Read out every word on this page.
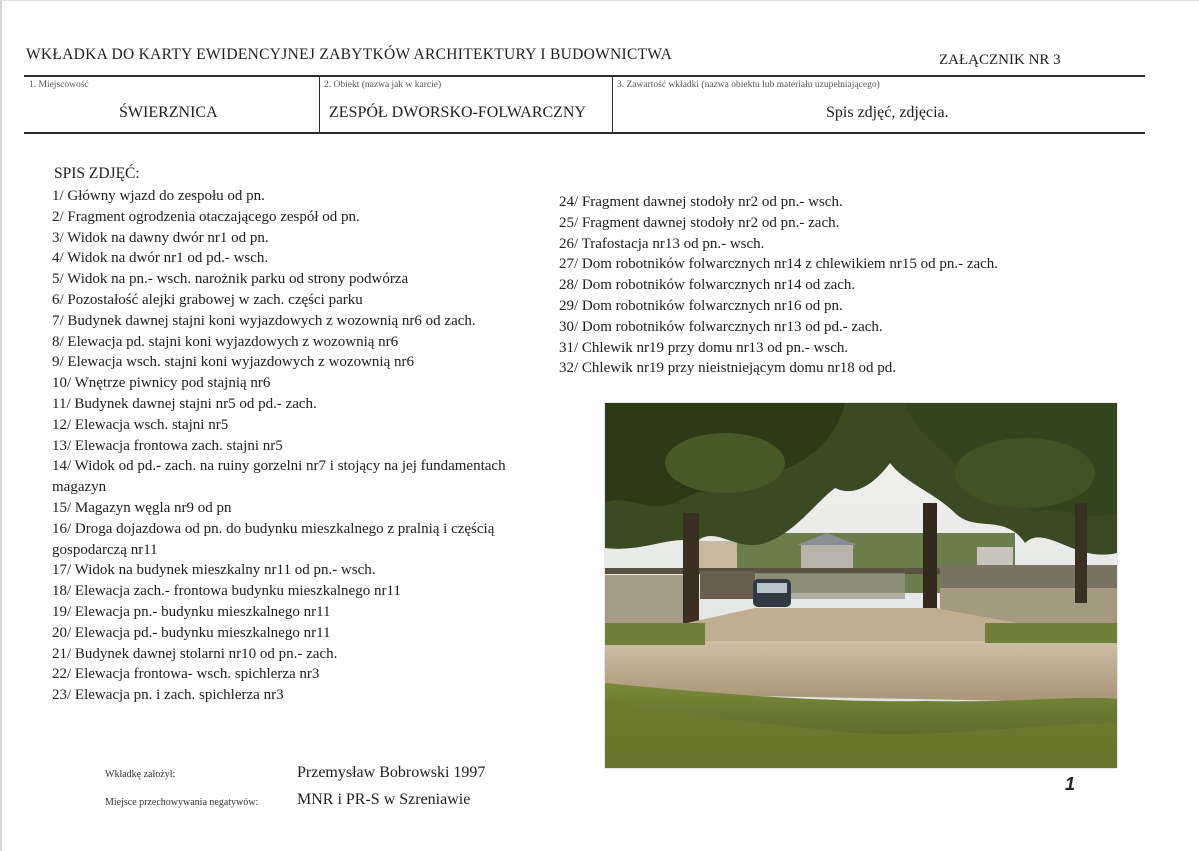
WKŁADKA DO KARTY EWIDENCYJNEJ ZABYTKÓW ARCHITEKTURY I BUDOWNICTWA	ZAŁĄCZNIK NR 3
1. Miejscowość
ŚWIERZNICA
2. Obiekt (nazwa jak w karcie)
ZESPÓŁ DWORSKO-FOLWARCZNY
3. Zawartość wkładki (nazwa obiektu lub materiału uzupełniającego)
Spis zdjęć, zdjęcia.
SPIS ZDJĘĆ:
1/ Główny wjazd do zespołu od pn.
2/ Fragment ogrodzenia otaczającego zespół od pn.
3/ Widok na dawny dwór nr1 od pn.
4/ Widok na dwór nr1 od pd.- wsch.
5/ Widok na pn.- wsch. narożnik parku od strony podwórza
6/ Pozostałość alejki grabowej w zach. części parku
7/ Budynek dawnej stajni koni wyjazdowych z wozownią nr6 od zach.
8/ Elewacja pd. stajni koni wyjazdowych z wozownią nr6
9/ Elewacja wsch. stajni koni wyjazdowych z wozownią nr6
10/ Wnętrze piwnicy pod stajnią nr6
11/ Budynek dawnej stajni nr5 od pd.- zach.
12/ Elewacja wsch. stajni nr5
13/ Elewacja frontowa zach. stajni nr5
14/ Widok od pd.- zach. na ruiny gorzelni nr7 i stojący na jej fundamentach magazyn
15/ Magazyn węgla nr9 od pn
16/ Droga dojazdowa od pn. do budynku mieszkalnego z pralnią i częścią gospodarczą nr11
17/ Widok na budynek mieszkalny nr11 od pn.- wsch.
18/ Elewacja zach.- frontowa budynku mieszkalnego nr11
19/ Elewacja pn.- budynku mieszkalnego nr11
20/ Elewacja pd.- budynku mieszkalnego nr11
21/ Budynek dawnej stolarni nr10 od pn.- zach.
22/ Elewacja frontowa- wsch. spichlerza nr3
23/ Elewacja pn. i zach. spichlerza nr3
24/ Fragment dawnej stodoły nr2 od pn.- wsch.
25/ Fragment dawnej stodoły nr2 od pn.- zach.
26/ Trafostacja nr13 od pn.- wsch.
27/ Dom robotników folwarcznych nr14 z chlewikiem nr15 od pn.- zach.
28/ Dom robotników folwarcznych nr14 od zach.
29/ Dom robotników folwarcznych nr16 od pn.
30/ Dom robotników folwarcznych nr13 od pd.- zach.
31/ Chlewik nr19 przy domu nr13 od pn.- wsch.
32/ Chlewik nr19 przy nieistniejącym domu nr18 od pd.
Wkładkę założył:	Przemysław Bobrowski 1997
Miejsce przechowywania negatywów: MNR i PR-S w Szreniawie
1
